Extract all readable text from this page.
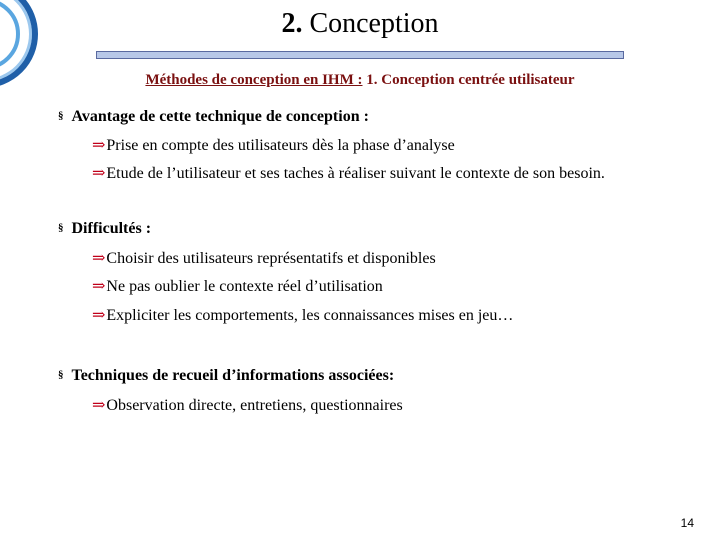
2. Conception
Méthodes de conception en IHM : 1. Conception centrée utilisateur
§ Avantage de cette technique de conception :
⇒Prise en compte des utilisateurs dès la phase d’analyse
⇒Etude de l’utilisateur et ses taches à réaliser suivant le contexte de son besoin.
§ Difficultés :
⇒Choisir des utilisateurs représentatifs et disponibles
⇒Ne pas oublier le contexte réel d’utilisation
⇒Expliciter les comportements, les connaissances mises en jeu…
§ Techniques de recueil d’informations associées:
⇒Observation directe, entretiens, questionnaires
14
